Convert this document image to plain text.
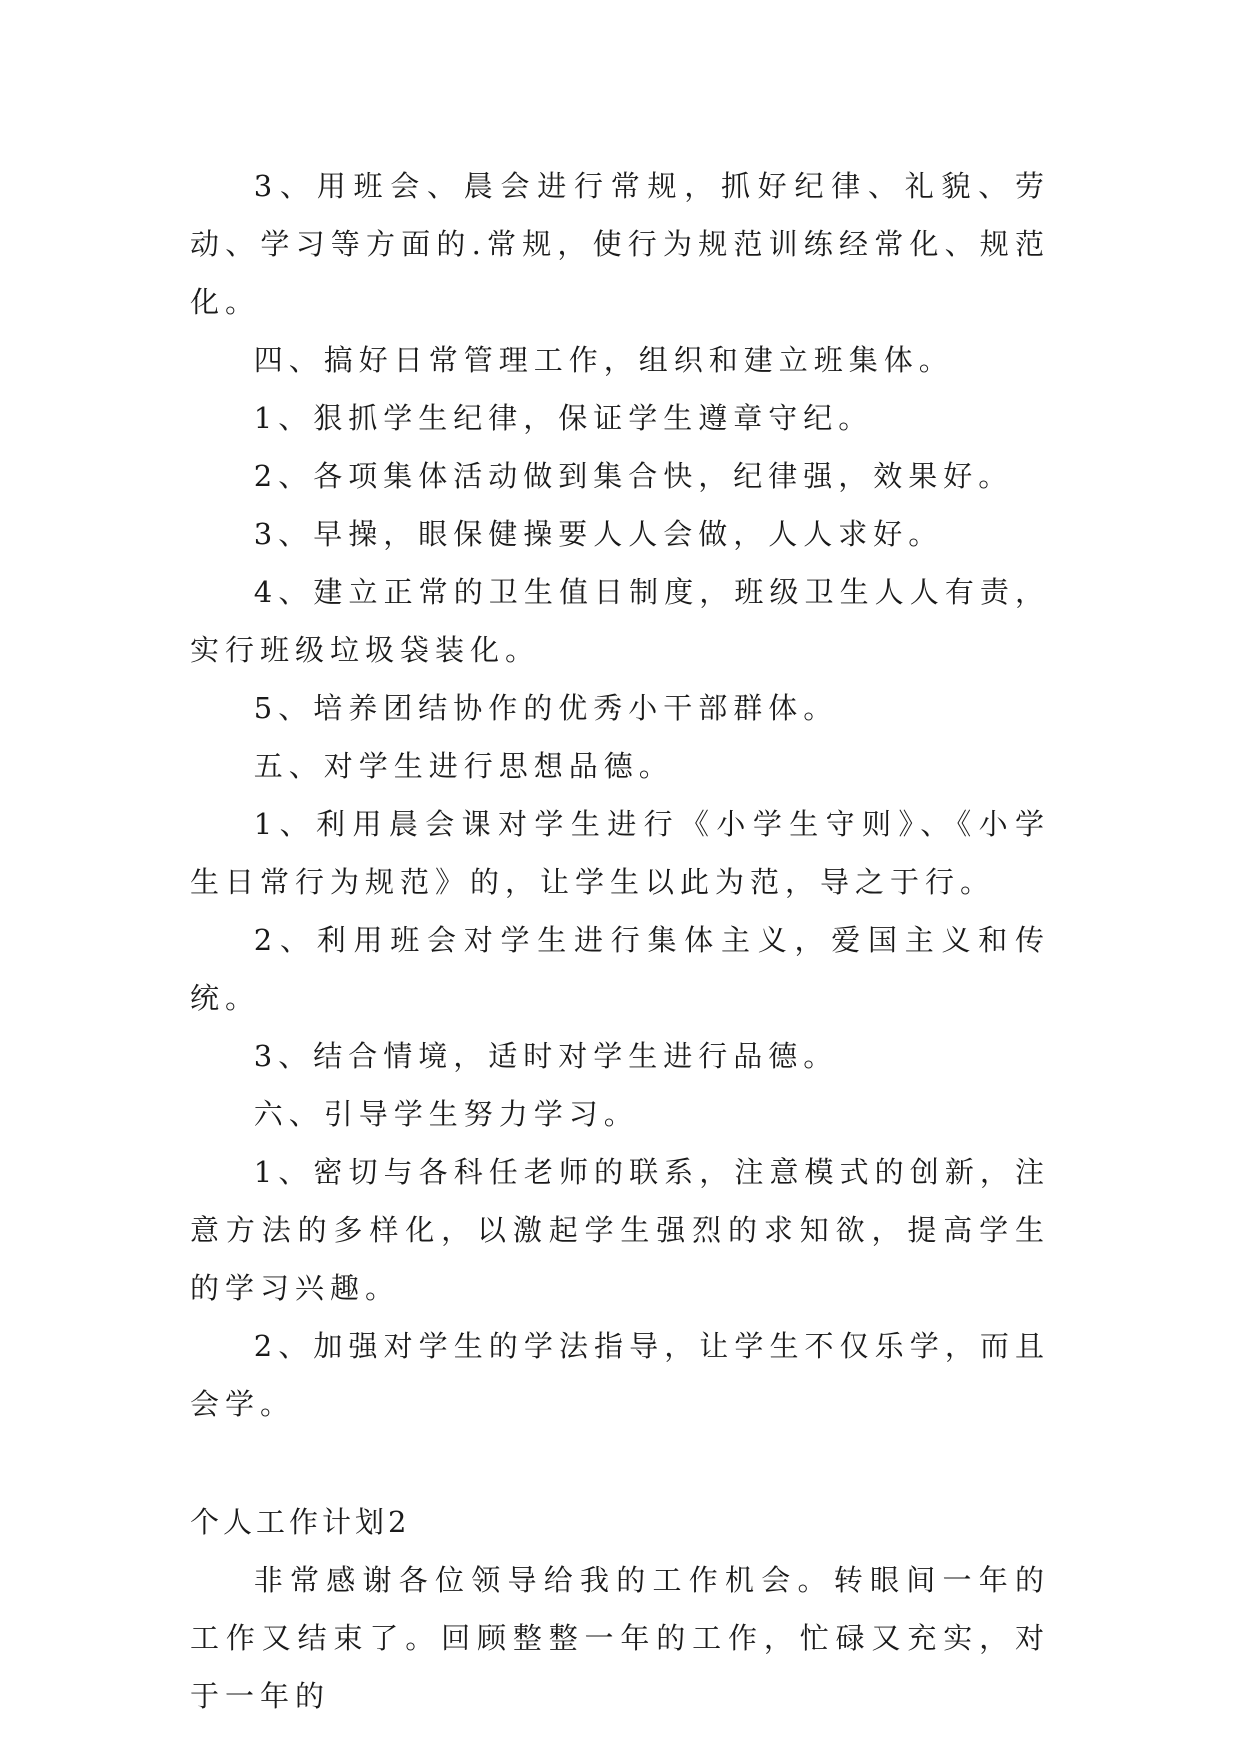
3、用班会、晨会进行常规，抓好纪律、礼貌、劳动、学习等方面的.常规，使行为规范训练经常化、规范化。

四、搞好日常管理工作，组织和建立班集体。

1、狠抓学生纪律，保证学生遵章守纪。

2、各项集体活动做到集合快，纪律强，效果好。

3、早操，眼保健操要人人会做，人人求好。

4、建立正常的卫生值日制度，班级卫生人人有责，实行班级垃圾袋装化。

5、培养团结协作的优秀小干部群体。

五、对学生进行思想品德。

1、利用晨会课对学生进行《小学生守则》、《小学生日常行为规范》的，让学生以此为范，导之于行。

2、利用班会对学生进行集体主义，爱国主义和传统。

3、结合情境，适时对学生进行品德。

六、引导学生努力学习。

1、密切与各科任老师的联系，注意模式的创新，注意方法的多样化，以激起学生强烈的求知欲，提高学生的学习兴趣。

2、加强对学生的学法指导，让学生不仅乐学，而且会学。

个人工作计划2

非常感谢各位领导给我的工作机会。转眼间一年的工作又结束了。回顾整整一年的工作，忙碌又充实，对于一年的
